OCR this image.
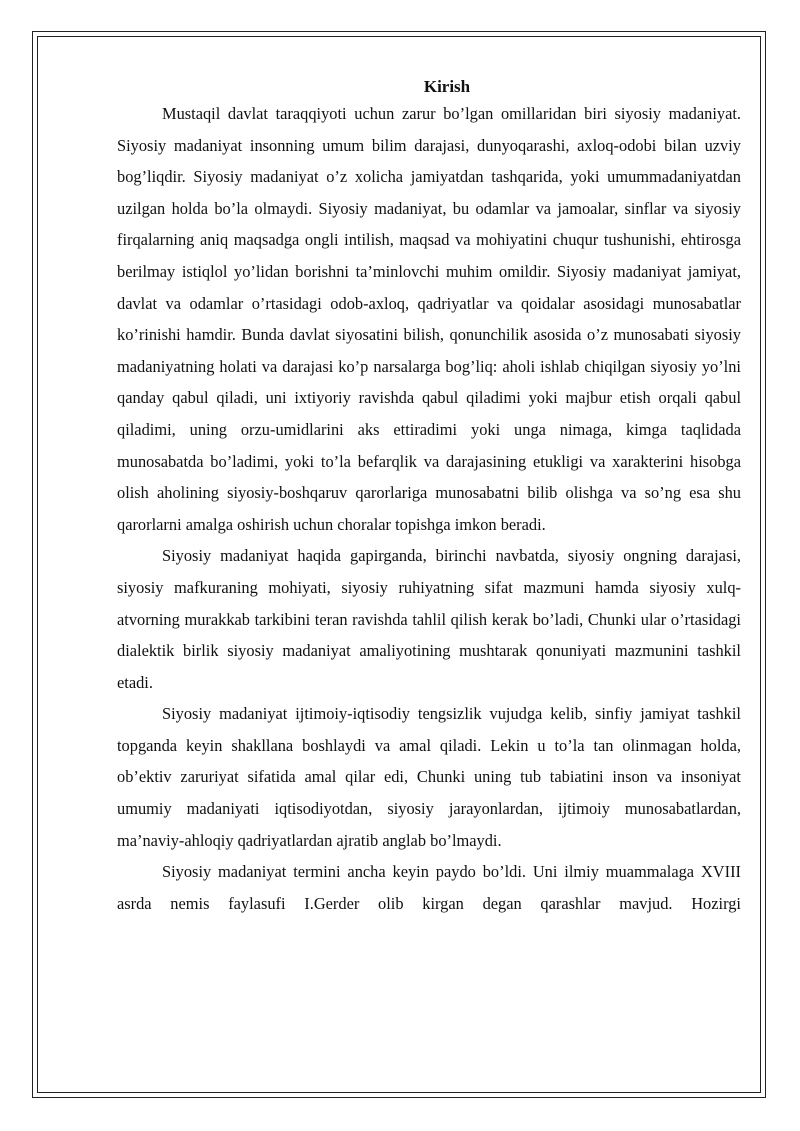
Kirish

Mustaqil davlat taraqqiyoti uchun zarur bo’lgan omillaridan biri siyosiy madaniyat. Siyosiy madaniyat insonning umum bilim darajasi, dunyoqarashi, axloq-odobi bilan uzviy bog’liqdir. Siyosiy madaniyat o’z xolicha jamiyatdan tashqarida, yoki umummadaniyatdan uzilgan holda bo’la olmaydi. Siyosiy madaniyat, bu odamlar va jamoalar, sinflar va siyosiy firqalarning aniq maqsadga ongli intilish, maqsad va mohiyatini chuqur tushunishi, ehtirosga berilmay istiqlol yo’lidan borishni ta’minlovchi muhim omildir. Siyosiy madaniyat jamiyat, davlat va odamlar o’rtasidagi odob-axloq, qadriyatlar va qoidalar asosidagi munosabatlar ko’rinishi hamdir. Bunda davlat siyosatini bilish, qonunchilik asosida o’z munosabati siyosiy madaniyatning holati va darajasi ko’p narsalarga bog’liq: aholi ishlab chiqilgan siyosiy yo’lni qanday qabul qiladi, uni ixtiyoriy ravishda qabul qiladimi yoki majbur etish orqali qabul qiladimi, uning orzu-umidlarini aks ettiradimi yoki unga nimaga, kimga taqlidada munosabatda bo’ladimi, yoki to’la befarqlik va darajasining etukligi va xarakterini hisobga olish aholining siyosiy-boshqaruv qarorlariga munosabatni bilib olishga va so’ng esa shu qarorlarni amalga oshirish uchun choralar topishga imkon beradi.

Siyosiy madaniyat haqida gapirganda, birinchi navbatda, siyosiy ongning darajasi, siyosiy mafkuraning mohiyati, siyosiy ruhiyatning sifat mazmuni hamda siyosiy xulq-atvorning murakkab tarkibini teran ravishda tahlil qilish kerak bo’ladi, Chunki ular o’rtasidagi dialektik birlik siyosiy madaniyat amaliyotining mushtarak qonuniyati mazmunini tashkil etadi.

Siyosiy madaniyat ijtimoiy-iqtisodiy tengsizlik vujudga kelib, sinfiy jamiyat tashkil topganda keyin shakllana boshlaydi va amal qiladi. Lekin u to’la tan olinmagan holda, ob’ektiv zaruriyat sifatida amal qilar edi, Chunki uning tub tabiatini inson va insoniyat umumiy madaniyati iqtisodiyotdan, siyosiy jarayonlardan, ijtimoiy munosabatlardan, ma’naviy-ahloqiy qadriyatlardan ajratib anglab bo’lmaydi.

Siyosiy madaniyat termini ancha keyin paydo bo’ldi. Uni ilmiy muammalaga XVIII asrda nemis faylasufi I.Gerder olib kirgan degan qarashlar mavjud. Hozirgi
